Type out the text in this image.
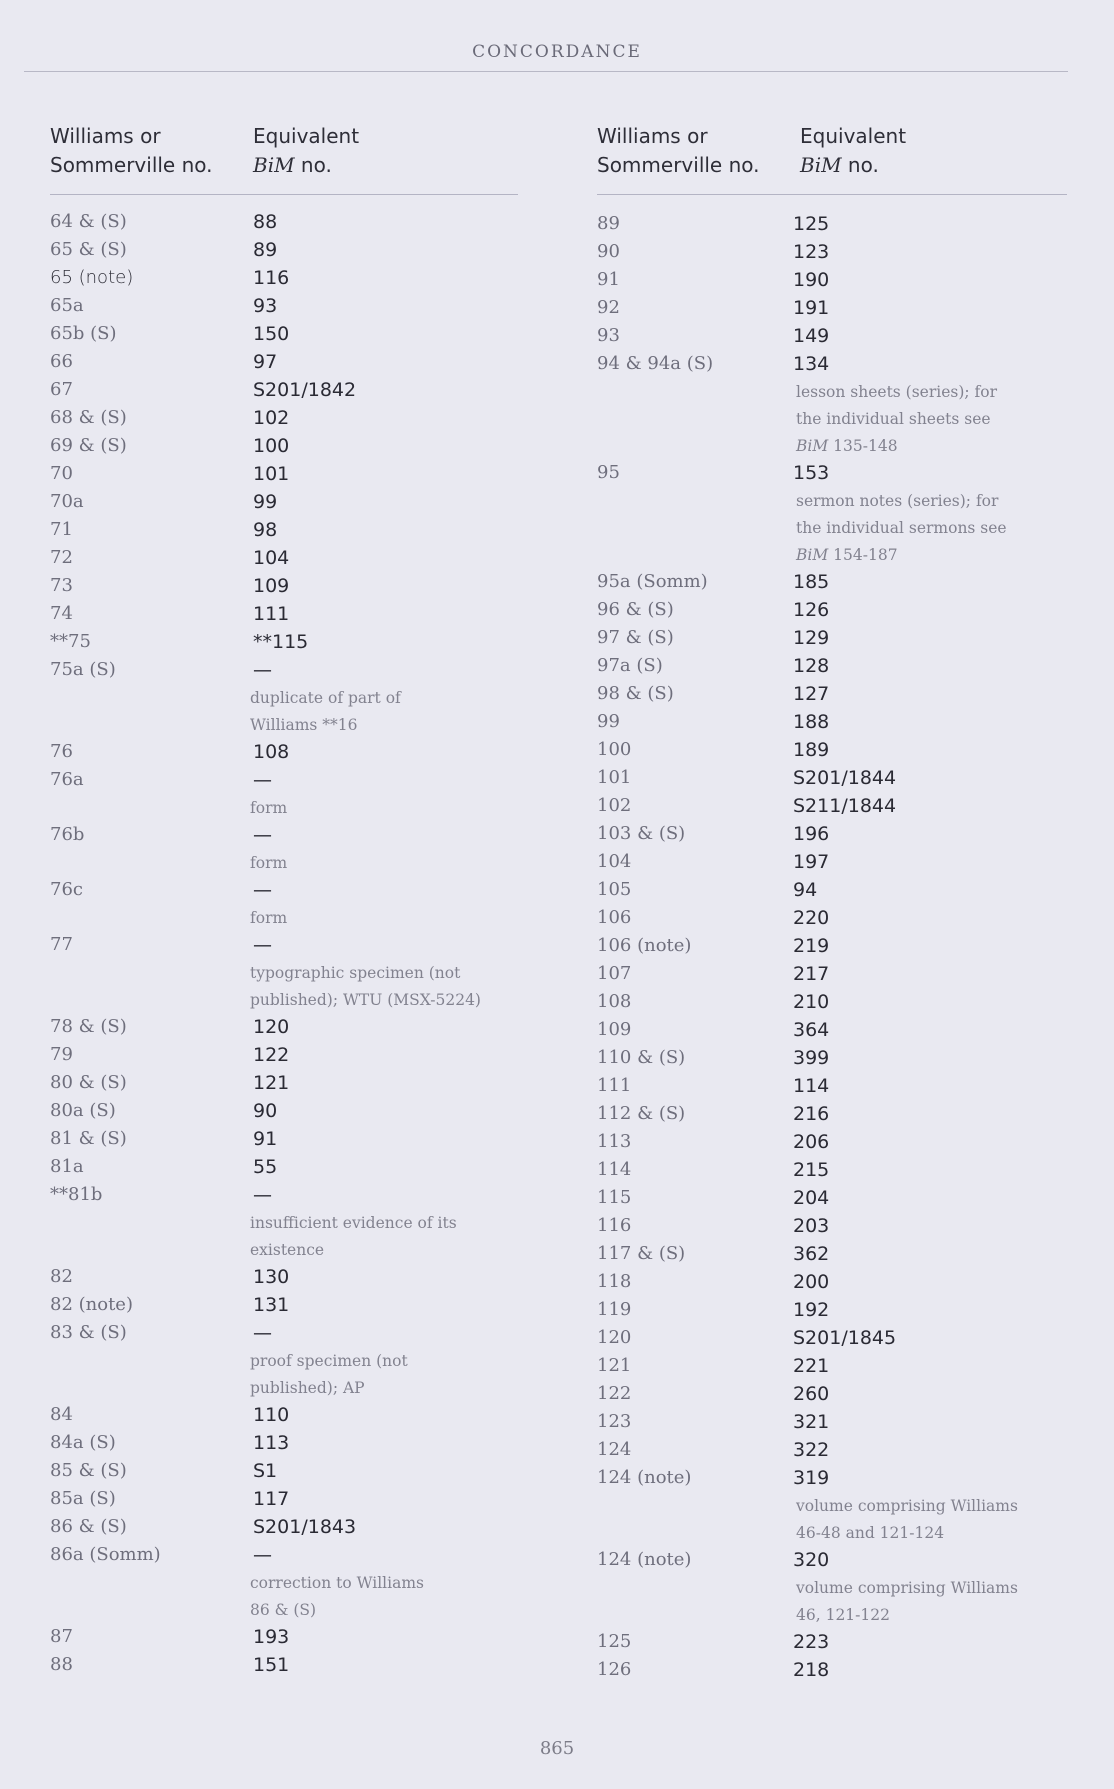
CONCORDANCE
Williams or
Sommerville no.
Equivalent
BiM no.
64 & (S)	88
65 & (S)	89
65 (note)	116
65a	93
65b (S)	150
66	97
67	S201/1842
68 & (S)	102
69 & (S)	100
70	101
70a	99
71	98
72	104
73	109
74	111
**75	**115
75a (S)	—
duplicate of part of
Williams **16
76	108
76a	—
form
76b	—
form
76c	—
form
77	—
typographic specimen (not
published); WTU (MSX-5224)
78 & (S)	120
79	122
80 & (S)	121
80a (S)	90
81 & (S)	91
81a	55
**81b	—
insufficient evidence of its
existence
82	130
82 (note)	131
83 & (S)	—
proof specimen (not
published); AP
84	110
84a (S)	113
85 & (S)	S1
85a (S)	117
86 & (S)	S201/1843
86a (Somm)	—
correction to Williams
86 & (S)
87	193
88	151
Williams or
Sommerville no.
Equivalent
BiM no.
89	125
90	123
91	190
92	191
93	149
94 & 94a (S)	134
lesson sheets (series); for
the individual sheets see
BiM 135-148
95	153
sermon notes (series); for
the individual sermons see
BiM 154-187
95a (Somm)	185
96 & (S)	126
97 & (S)	129
97a (S)	128
98 & (S)	127
99	188
100	189
101	S201/1844
102	S211/1844
103 & (S)	196
104	197
105	94
106	220
106 (note)	219
107	217
108	210
109	364
110 & (S)	399
111	114
112 & (S)	216
113	206
114	215
115	204
116	203
117 & (S)	362
118	200
119	192
120	S201/1845
121	221
122	260
123	321
124	322
124 (note)	319
volume comprising Williams
46-48 and 121-124
124 (note)	320
volume comprising Williams
46, 121-122
125	223
126	218
865
